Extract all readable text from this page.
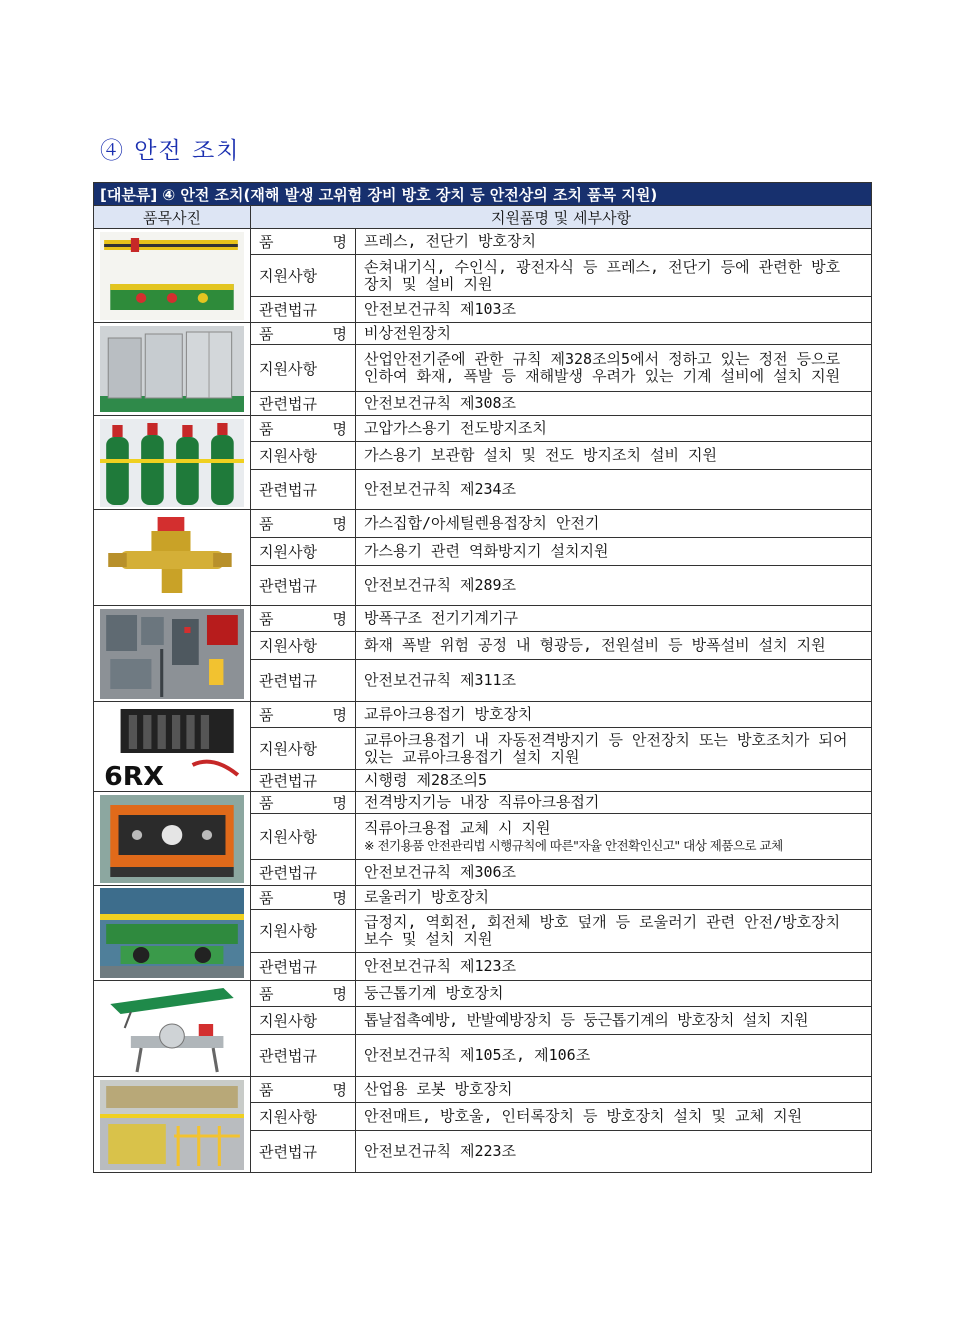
④ 안전 조치
[대분류] ④ 안전 조치(재해 발생 고위험 장비 방호 장치 등 안전상의 조치 품목 지원)		
품목사진	지원품명 및 세부사항	

	품 명	프레스, 전단기 방호장치
	지원사항	손쳐내기식, 수인식, 광전자식 등 프레스, 전단기 등에 관련한 방호 장치 및 설비 지원
	관련법규	안전보건규칙 제103조

	품 명	비상전원장치
	지원사항	산업안전기준에 관한 규칙 제328조의5에서 정하고 있는 정전 등으로 인하여 화재, 폭발 등 재해발생 우려가 있는 기계 설비에 설치 지원

	관련법규	안전보건규칙 제308조

	품 명	고압가스용기 전도방지조치
	지원사항	가스용기 보관함 설치 및 전도 방지조치 설비 지원
	관련법규	안전보건규칙 제234조

	품 명	가스집합/아세틸렌용접장치 안전기
	지원사항	가스용기 관련 역화방지기 설치지원
	관련법규	안전보건규칙 제289조

	품 명	방폭구조 전기기계기구
	지원사항	화재 폭발 위험 공정 내 형광등, 전원설비 등 방폭설비 설치 지원
	관련법규	안전보건규칙 제311조

6RX	품 명	교류아크용접기 방호장치
	지원사항	교류아크용접기 내 자동전격방지기 등 안전장치 또는 방호조치가 되어 있는 교류아크용접기 설치 지원
	관련법규	시행령 제28조의5

	품 명	전격방지기능 내장 직류아크용접기
	지원사항	직류아크용접 교체 시 지원
※ 전기용품 안전관리법 시행규칙에 따른"자율 안전확인신고" 대상 제품으로 교체

	관련법규	안전보건규칙 제306조

	품 명	로울러기 방호장치
	지원사항	급정지, 역회전, 회전체 방호 덮개 등 로울러기 관련 안전/방호장치 보수 및 설치 지원
	관련법규	안전보건규칙 제123조

	품 명	둥근톱기계 방호장치
	지원사항	톱날접촉예방, 반발예방장치 등 둥근톱기계의 방호장치 설치 지원
	관련법규	안전보건규칙 제105조, 제106조

	품 명	산업용 로봇 방호장치
	지원사항	안전매트, 방호울, 인터록장치 등 방호장치 설치 및 교체 지원
	관련법규	안전보건규칙 제223조
